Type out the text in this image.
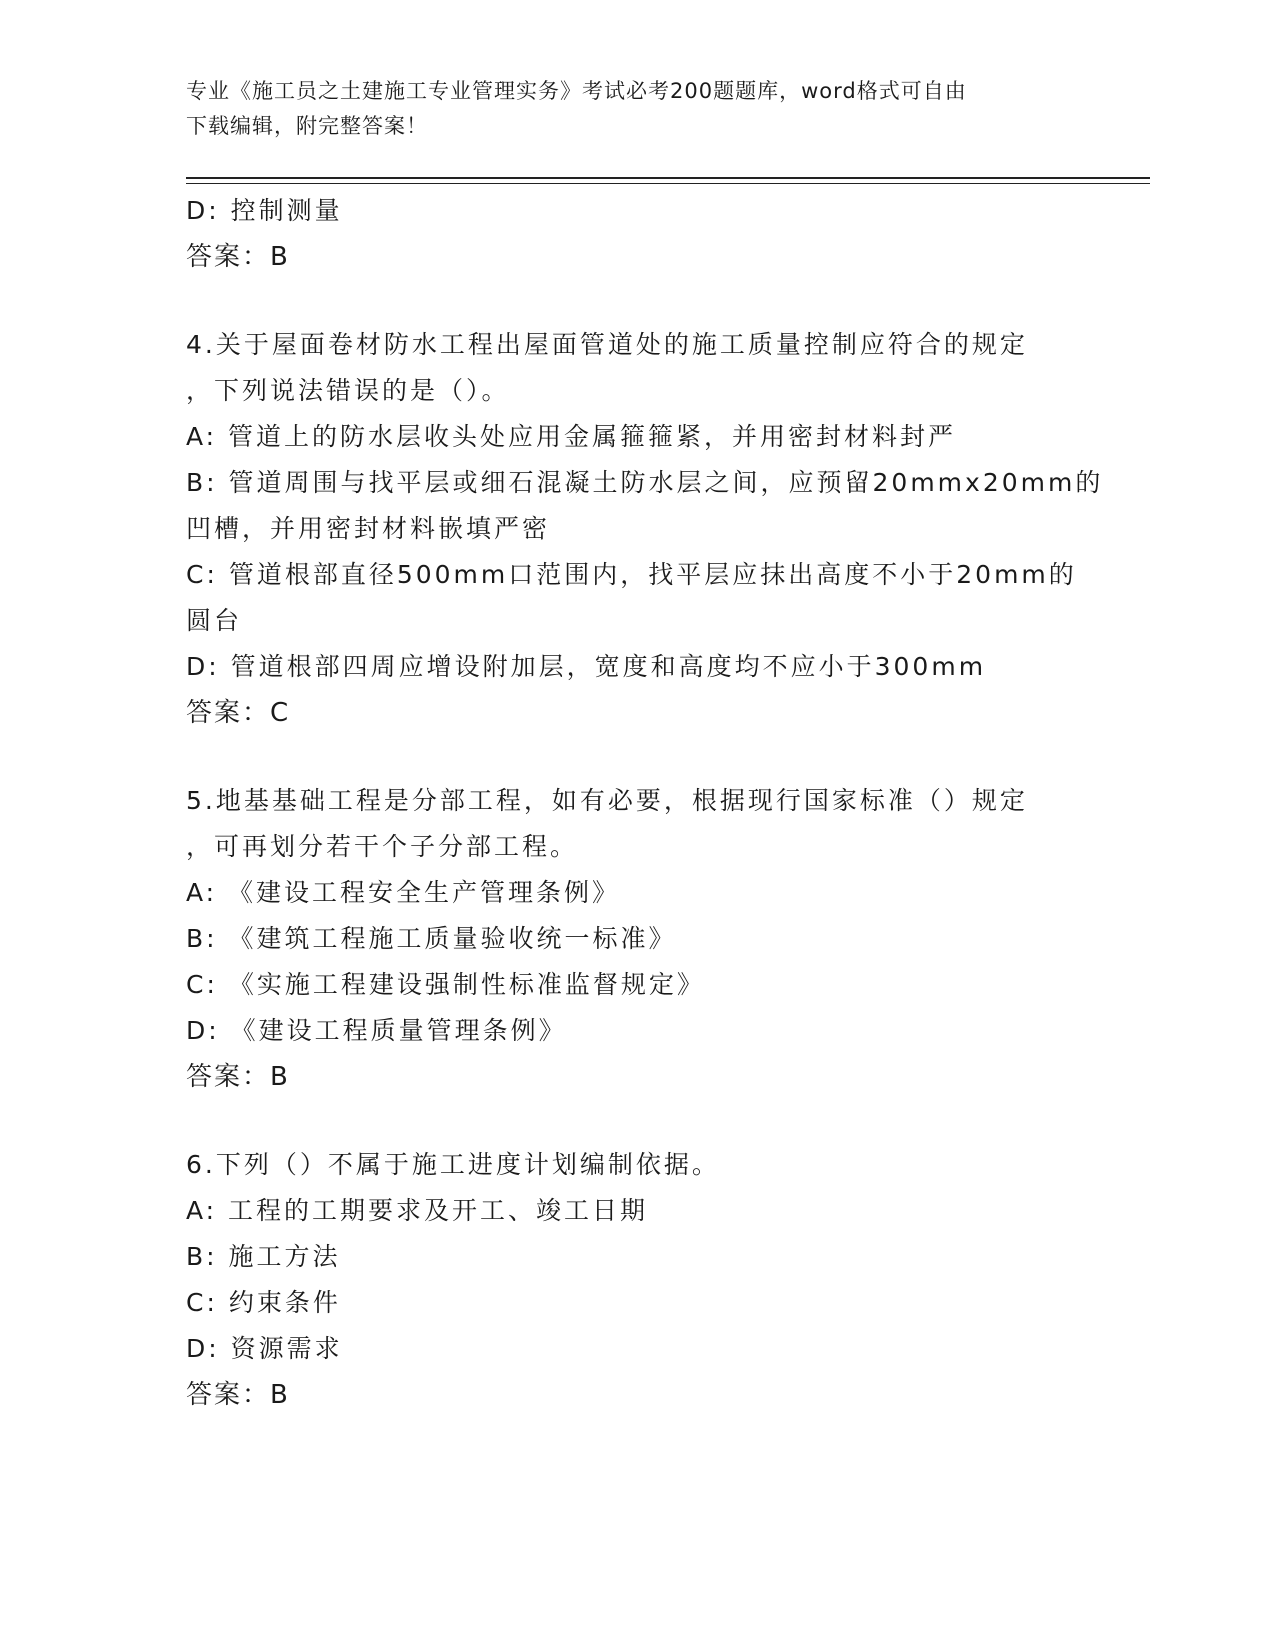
专业《施工员之土建施工专业管理实务》考试必考200题题库，word格式可自由
下载编辑，附完整答案！
D: 控制测量
答案：B
4.关于屋面卷材防水工程出屋面管道处的施工质量控制应符合的规定
，下列说法错误的是（）。
A: 管道上的防水层收头处应用金属箍箍紧，并用密封材料封严
B: 管道周围与找平层或细石混凝土防水层之间，应预留20mmx20mm的
凹槽，并用密封材料嵌填严密
C: 管道根部直径500mm口范围内，找平层应抹出高度不小于20mm的
圆台
D: 管道根部四周应增设附加层，宽度和高度均不应小于300mm
答案：C
5.地基基础工程是分部工程，如有必要，根据现行国家标准（）规定
，可再划分若干个子分部工程。
A: 《建设工程安全生产管理条例》
B: 《建筑工程施工质量验收统一标准》
C: 《实施工程建设强制性标准监督规定》
D: 《建设工程质量管理条例》
答案：B
6.下列（）不属于施工进度计划编制依据。
A: 工程的工期要求及开工、竣工日期
B: 施工方法
C: 约束条件
D: 资源需求
答案：B
